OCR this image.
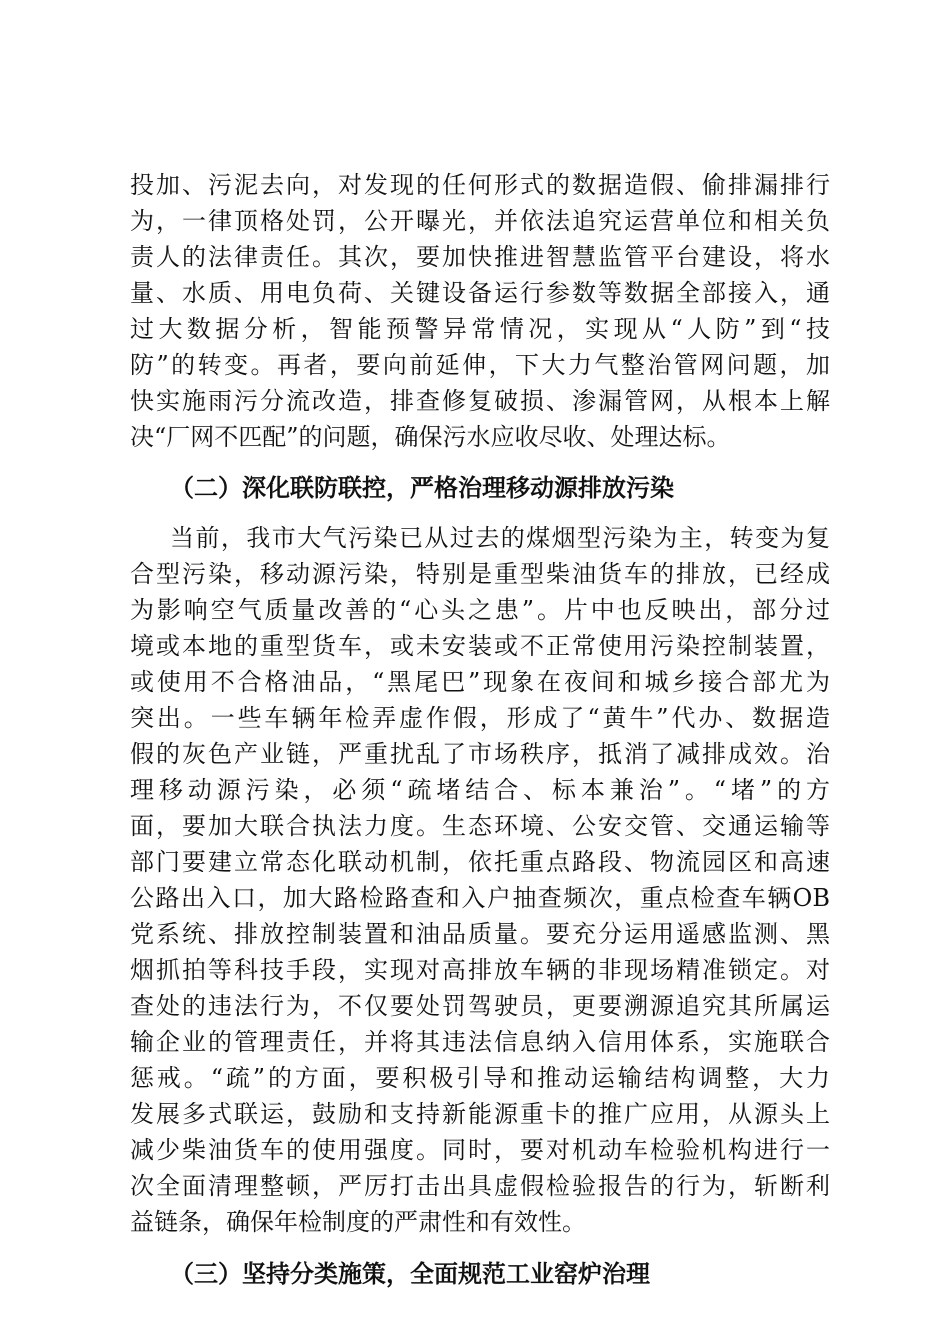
投加、污泥去向，对发现的任何形式的数据造假、偷排漏排行
为，一律顶格处罚，公开曝光，并依法追究运营单位和相关负
责人的法律责任。其次，要加快推进智慧监管平台建设，将水
量、水质、用电负荷、关键设备运行参数等数据全部接入，通
过大数据分析，智能预警异常情况，实现从“人防”到“技
防”的转变。再者，要向前延伸，下大力气整治管网问题，加
快实施雨污分流改造，排查修复破损、渗漏管网，从根本上解
决“厂网不匹配”的问题，确保污水应收尽收、处理达标。
（二）深化联防联控，严格治理移动源排放污染
当前，我市大气污染已从过去的煤烟型污染为主，转变为复
合型污染，移动源污染，特别是重型柴油货车的排放，已经成
为影响空气质量改善的“心头之患”。片中也反映出，部分过
境或本地的重型货车，或未安装或不正常使用污染控制装置，
或使用不合格油品，“黑尾巴”现象在夜间和城乡接合部尤为
突出。一些车辆年检弄虚作假，形成了“黄牛”代办、数据造
假的灰色产业链，严重扰乱了市场秩序，抵消了减排成效。治
理移动源污染，必须“疏堵结合、标本兼治”。“堵”的方
面，要加大联合执法力度。生态环境、公安交管、交通运输等
部门要建立常态化联动机制，依托重点路段、物流园区和高速
公路出入口，加大路检路查和入户抽查频次，重点检查车辆OB
党系统、排放控制装置和油品质量。要充分运用遥感监测、黑
烟抓拍等科技手段，实现对高排放车辆的非现场精准锁定。对
查处的违法行为，不仅要处罚驾驶员，更要溯源追究其所属运
输企业的管理责任，并将其违法信息纳入信用体系，实施联合
惩戒。“疏”的方面，要积极引导和推动运输结构调整，大力
发展多式联运，鼓励和支持新能源重卡的推广应用，从源头上
减少柴油货车的使用强度。同时，要对机动车检验机构进行一
次全面清理整顿，严厉打击出具虚假检验报告的行为，斩断利
益链条，确保年检制度的严肃性和有效性。
（三）坚持分类施策，全面规范工业窑炉治理
